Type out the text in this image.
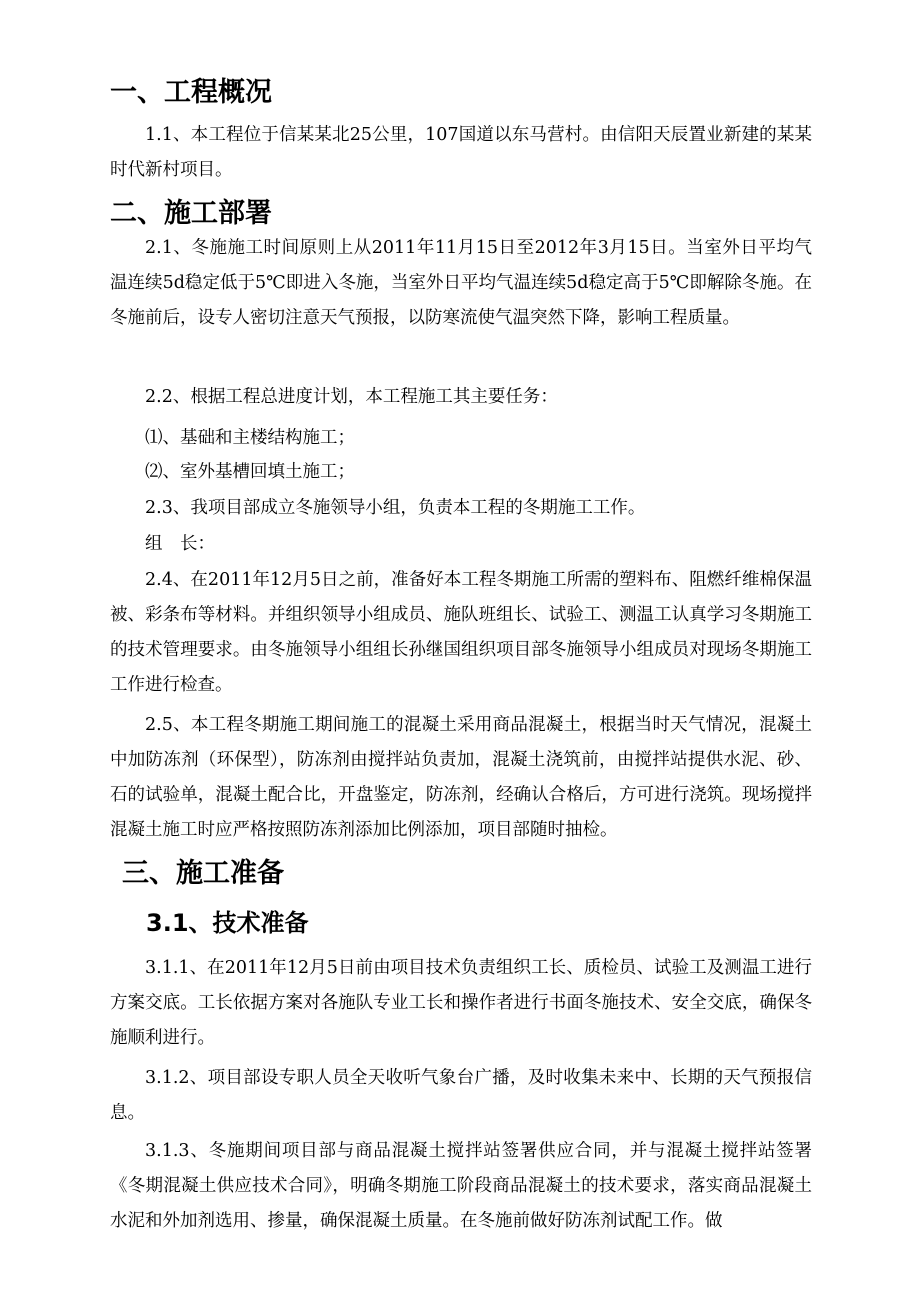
一、工程概况

1.1、本工程位于信某某北25公里，107国道以东马营村。由信阳天辰置业新建的某某时代新村项目。

二、施工部署

2.1、冬施施工时间原则上从2011年11月15日至2012年3月15日。当室外日平均气温连续5d稳定低于5℃即进入冬施，当室外日平均气温连续5d稳定高于5℃即解除冬施。在冬施前后，设专人密切注意天气预报，以防寒流使气温突然下降，影响工程质量。

2.2、根据工程总进度计划，本工程施工其主要任务：

⑴、基础和主楼结构施工；

⑵、室外基槽回填土施工；

2.3、我项目部成立冬施领导小组，负责本工程的冬期施工工作。

组　长：

2.4、在2011年12月5日之前，准备好本工程冬期施工所需的塑料布、阻燃纤维棉保温被、彩条布等材料。并组织领导小组成员、施队班组长、试验工、测温工认真学习冬期施工的技术管理要求。由冬施领导小组组长孙继国组织项目部冬施领导小组成员对现场冬期施工工作进行检查。

2.5、本工程冬期施工期间施工的混凝土采用商品混凝土，根据当时天气情况，混凝土中加防冻剂（环保型），防冻剂由搅拌站负责加，混凝土浇筑前，由搅拌站提供水泥、砂、石的试验单，混凝土配合比，开盘鉴定，防冻剂，经确认合格后，方可进行浇筑。现场搅拌混凝土施工时应严格按照防冻剂添加比例添加，项目部随时抽检。

三、施工准备
3.1、技术准备

3.1.1、在2011年12月5日前由项目技术负责组织工长、质检员、试验工及测温工进行方案交底。工长依据方案对各施队专业工长和操作者进行书面冬施技术、安全交底，确保冬施顺利进行。

3.1.2、项目部设专职人员全天收听气象台广播，及时收集未来中、长期的天气预报信息。

3.1.3、冬施期间项目部与商品混凝土搅拌站签署供应合同，并与混凝土搅拌站签署《冬期混凝土供应技术合同》，明确冬期施工阶段商品混凝土的技术要求，落实商品混凝土水泥和外加剂选用、掺量，确保混凝土质量。在冬施前做好防冻剂试配工作。做
